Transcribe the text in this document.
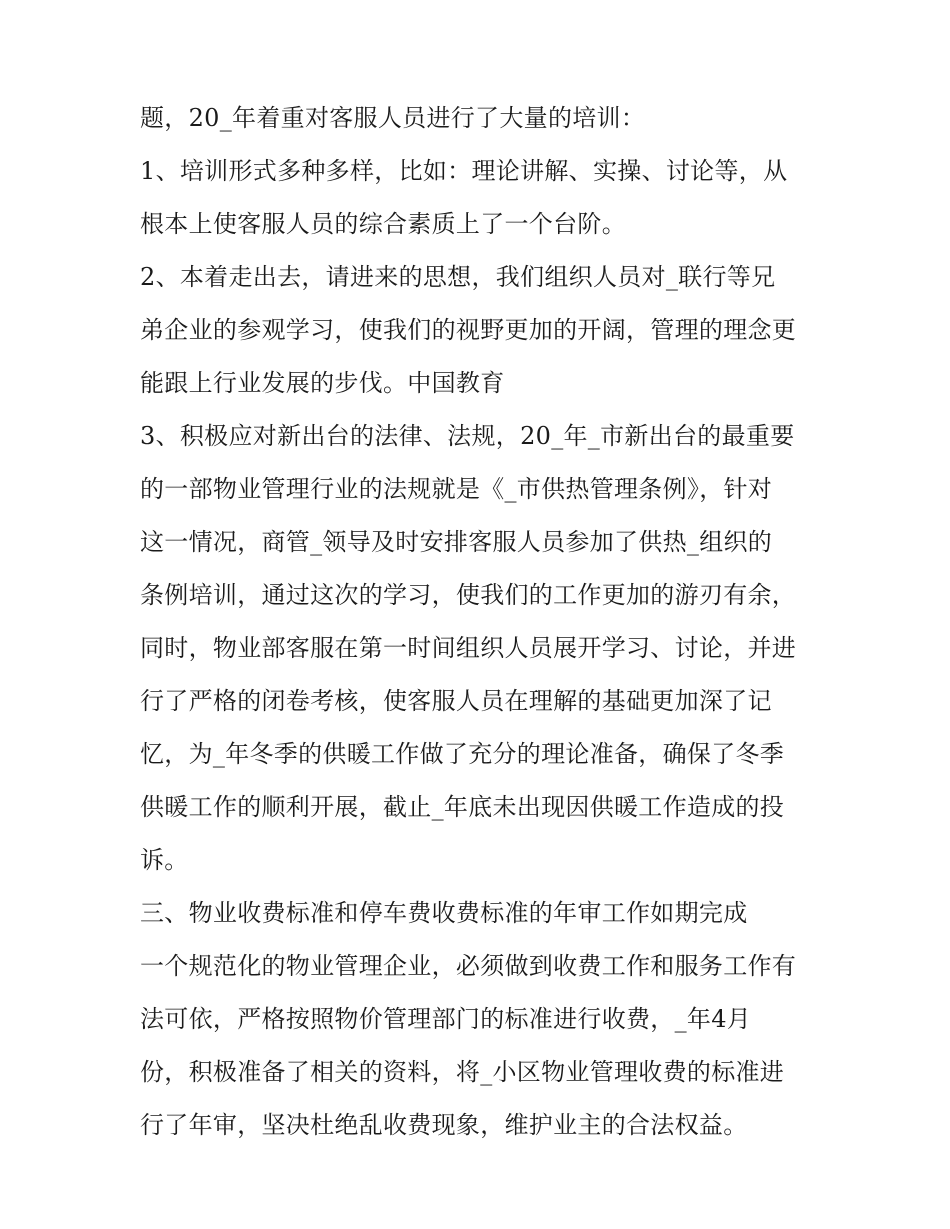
题，20_年着重对客服人员进行了大量的培训：
1、培训形式多种多样，比如：理论讲解、实操、讨论等，从
根本上使客服人员的综合素质上了一个台阶。
2、本着走出去，请进来的思想，我们组织人员对_联行等兄
弟企业的参观学习，使我们的视野更加的开阔，管理的理念更
能跟上行业发展的步伐。中国教育
3、积极应对新出台的法律、法规，20_年_市新出台的最重要
的一部物业管理行业的法规就是《_市供热管理条例》，针对
这一情况，商管_领导及时安排客服人员参加了供热_组织的
条例培训，通过这次的学习，使我们的工作更加的游刃有余，
同时，物业部客服在第一时间组织人员展开学习、讨论，并进
行了严格的闭卷考核，使客服人员在理解的基础更加深了记
忆，为_年冬季的供暖工作做了充分的理论准备，确保了冬季
供暖工作的顺利开展，截止_年底未出现因供暖工作造成的投
诉。
三、物业收费标准和停车费收费标准的年审工作如期完成
一个规范化的物业管理企业，必须做到收费工作和服务工作有
法可依，严格按照物价管理部门的标准进行收费，_年4月
份，积极准备了相关的资料，将_小区物业管理收费的标准进
行了年审，坚决杜绝乱收费现象，维护业主的合法权益。
